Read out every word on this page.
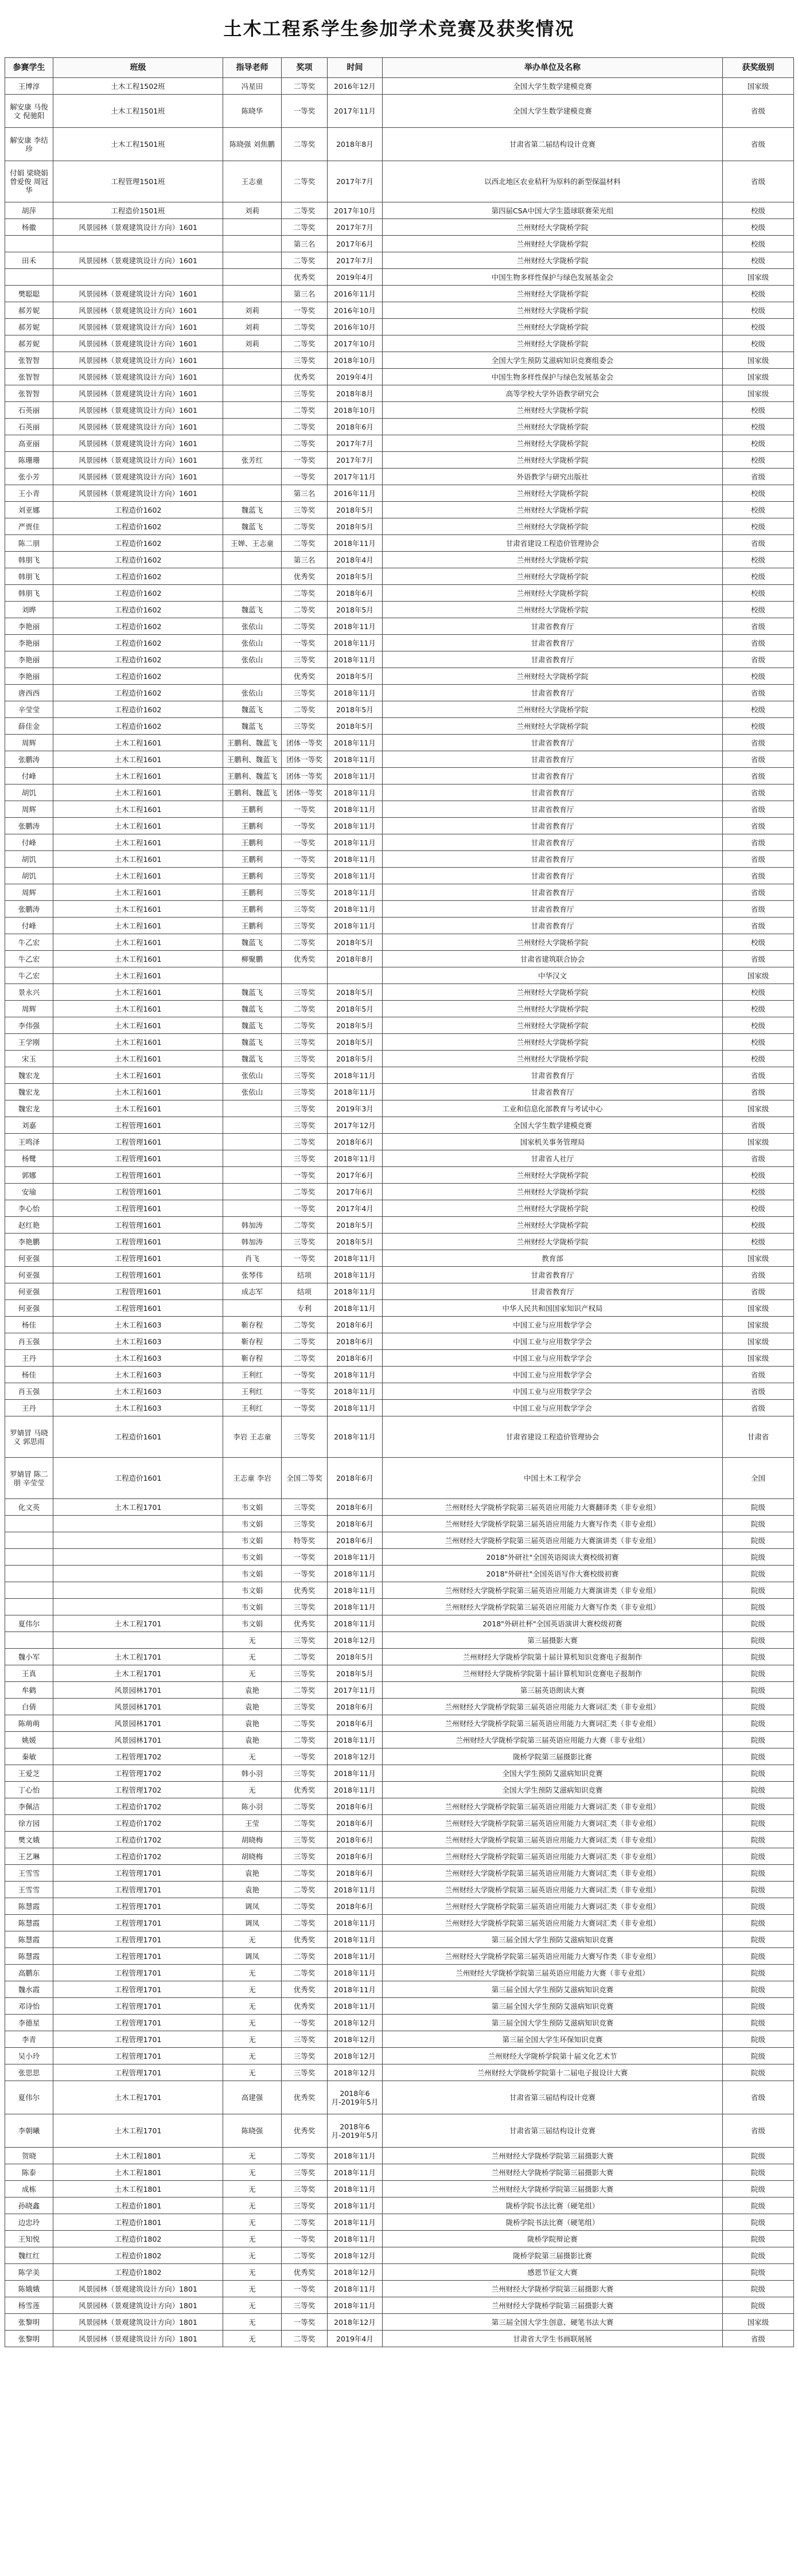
土木工程系学生参加学术竞赛及获奖情况
参赛学生	班级	指导老师	奖项	时间	举办单位及名称	获奖级别
王博淳	土木工程1502班	冯星田	二等奖	2016年12月	全国大学生数学建模竞赛	国家级
解安康 马俊文 倪驰阳	土木工程1501班	陈晓华	一等奖	2017年11月	全国大学生数学建模竞赛	省级
解安康 李结珍	土木工程1501班	陈晓强 刘焦鹏	二等奖	2018年8月	甘肃省第二届结构设计竞赛	省级
付娟 梁晓娟 曾爱俊 周冠华	工程管理1501班	王志童	二等奖	2017年7月	以西北地区农业秸秆为原料的新型保温材料	省级
胡萍	工程造价1501班	刘莉	二等奖	2017年10月	第四届CSA中国大学生篮球联赛荣光组	校级
杨徽	风景园林（景观建筑设计方向）1601		二等奖	2017年7月	兰州财经大学陇桥学院	校级
			第三名	2017年6月	兰州财经大学陇桥学院	校级
田禾	风景园林（景观建筑设计方向）1601		二等奖	2017年7月	兰州财经大学陇桥学院	校级
			优秀奖	2019年4月	中国生物多样性保护与绿色发展基金会	国家级
樊聪聪	风景园林（景观建筑设计方向）1601		第三名	2016年11月	兰州财经大学陇桥学院	校级
郝芳妮	风景园林（景观建筑设计方向）1601	刘莉	一等奖	2016年10月	兰州财经大学陇桥学院	校级
郝芳妮	风景园林（景观建筑设计方向）1601	刘莉	二等奖	2016年10月	兰州财经大学陇桥学院	校级
郝芳妮	风景园林（景观建筑设计方向）1601	刘莉	二等奖	2017年10月	兰州财经大学陇桥学院	校级
张智智	风景园林（景观建筑设计方向）1601		三等奖	2018年10月	全国大学生预防艾滋病知识竞赛组委会	国家级
张智智	风景园林（景观建筑设计方向）1601		优秀奖	2019年4月	中国生物多样性保护与绿色发展基金会	国家级
张智智	风景园林（景观建筑设计方向）1601		三等奖	2018年8月	高等学校大学外语教学研究会	国家级
石英丽	风景园林（景观建筑设计方向）1601		二等奖	2018年10月	兰州财经大学陇桥学院	校级
石英丽	风景园林（景观建筑设计方向）1601		二等奖	2018年6月	兰州财经大学陇桥学院	校级
高亚丽	风景园林（景观建筑设计方向）1601		二等奖	2017年7月	兰州财经大学陇桥学院	校级
陈珊珊	风景园林（景观建筑设计方向）1601	张芳红	一等奖	2017年7月	兰州财经大学陇桥学院	校级
张小芳	风景园林（景观建筑设计方向）1601		一等奖	2017年11月	外语教学与研究出版社	省级
王小青	风景园林（景观建筑设计方向）1601		第三名	2016年11月	兰州财经大学陇桥学院	校级
刘亚娜	工程造价1602	魏蓝飞	三等奖	2018年5月	兰州财经大学陇桥学院	校级
严贾佳	工程造价1602	魏蓝飞	二等奖	2018年5月	兰州财经大学陇桥学院	校级
陈二朋	工程造价1602	王婵、王志童	二等奖	2018年11月	甘肃省建设工程造价管理协会	省级
韩朋飞	工程造价1602		第三名	2018年4月	兰州财经大学陇桥学院	校级
韩朋飞	工程造价1602		优秀奖	2018年5月	兰州财经大学陇桥学院	校级
韩朋飞	工程造价1602		二等奖	2018年6月	兰州财经大学陇桥学院	校级
刘晔	工程造价1602	魏蓝飞	二等奖	2018年5月	兰州财经大学陇桥学院	校级
李艳丽	工程造价1602	张依山	二等奖	2018年11月	甘肃省教育厅	省级
李艳丽	工程造价1602	张依山	一等奖	2018年11月	甘肃省教育厅	省级
李艳丽	工程造价1602	张依山	三等奖	2018年11月	甘肃省教育厅	省级
李艳丽	工程造价1602		优秀奖	2018年5月	兰州财经大学陇桥学院	校级
唐西西	工程造价1602	张依山	三等奖	2018年11月	甘肃省教育厅	省级
辛莹莹	工程造价1602	魏蓝飞	二等奖	2018年5月	兰州财经大学陇桥学院	校级
薛佳金	工程造价1602	魏蓝飞	三等奖	2018年5月	兰州财经大学陇桥学院	校级
周辉	土木工程1601	王鹏利、魏蓝飞	团体一等奖	2018年11月	甘肃省教育厅	省级
张鹏涛	土木工程1601	王鹏利、魏蓝飞	团体一等奖	2018年11月	甘肃省教育厅	省级
付峰	土木工程1601	王鹏利、魏蓝飞	团体一等奖	2018年11月	甘肃省教育厅	省级
胡饥	土木工程1601	王鹏利、魏蓝飞	团体一等奖	2018年11月	甘肃省教育厅	省级
周辉	土木工程1601	王鹏利	一等奖	2018年11月	甘肃省教育厅	省级
张鹏涛	土木工程1601	王鹏利	一等奖	2018年11月	甘肃省教育厅	省级
付峰	土木工程1601	王鹏利	一等奖	2018年11月	甘肃省教育厅	省级
胡饥	土木工程1601	王鹏利	一等奖	2018年11月	甘肃省教育厅	省级
胡饥	土木工程1601	王鹏利	三等奖	2018年11月	甘肃省教育厅	省级
周辉	土木工程1601	王鹏利	三等奖	2018年11月	甘肃省教育厅	省级
张鹏涛	土木工程1601	王鹏利	三等奖	2018年11月	甘肃省教育厅	省级
付峰	土木工程1601	王鹏利	三等奖	2018年11月	甘肃省教育厅	省级
牛乙宏	土木工程1601	魏蓝飞	二等奖	2018年5月	兰州财经大学陇桥学院	校级
牛乙宏	土木工程1601	柳聚鹏	优秀奖	2018年8月	甘肃省建筑联合协会	省级
牛乙宏	土木工程1601				中华汉文	国家级
景永兴	土木工程1601	魏蓝飞	三等奖	2018年5月	兰州财经大学陇桥学院	校级
周辉	土木工程1601	魏蓝飞	二等奖	2018年5月	兰州财经大学陇桥学院	校级
李伟强	土木工程1601	魏蓝飞	二等奖	2018年5月	兰州财经大学陇桥学院	校级
王学刚	土木工程1601	魏蓝飞	三等奖	2018年5月	兰州财经大学陇桥学院	校级
宋玉	土木工程1601	魏蓝飞	三等奖	2018年5月	兰州财经大学陇桥学院	校级
魏宏龙	土木工程1601	张依山	三等奖	2018年11月	甘肃省教育厅	省级
魏宏龙	土木工程1601	张依山	三等奖	2018年11月	甘肃省教育厅	省级
魏宏龙	土木工程1601		三等奖	2019年3月	工业和信息化部教育与考试中心	国家级
刘嘉	工程管理1601		三等奖	2017年12月	全国大学生数学建模竞赛	省级
王鸣泽	工程管理1601		二等奖	2018年6月	国家机关事务管理局	国家级
杨鹭	工程管理1601		三等奖	2018年11月	甘肃省人社厅	省级
郭娜	工程管理1601		一等奖	2017年6月	兰州财经大学陇桥学院	校级
安瑜	工程管理1601		二等奖	2017年6月	兰州财经大学陇桥学院	校级
李心怡	工程管理1601		一等奖	2017年4月	兰州财经大学陇桥学院	校级
赵红艳	工程管理1601	韩加涛	二等奖	2018年5月	兰州财经大学陇桥学院	校级
李艳鹏	工程管理1601	韩加涛	三等奖	2018年5月	兰州财经大学陇桥学院	校级
何亚强	工程管理1601	肖飞	一等奖	2018年11月	教育部	国家级
何亚强	工程管理1601	张琴伟	结项	2018年11月	甘肃省教育厅	省级
何亚强	工程管理1601	成志军	结项	2018年11月	甘肃省教育厅	省级
何亚强	工程管理1601		专利	2018年11月	中华人民共和国国家知识产权局	国家级
杨佳	土木工程1603	靳存程	二等奖	2018年6月	中国工业与应用数学学会	国家级
肖玉强	土木工程1603	靳存程	二等奖	2018年6月	中国工业与应用数学学会	国家级
王丹	土木工程1603	靳存程	二等奖	2018年6月	中国工业与应用数学学会	国家级
杨佳	土木工程1603	王利红	一等奖	2018年11月	中国工业与应用数学学会	省级
肖玉强	土木工程1603	王利红	一等奖	2018年11月	中国工业与应用数学学会	省级
王丹	土木工程1603	王利红	一等奖	2018年11月	中国工业与应用数学学会	省级
罗婧冒 马晓义 郭思雨	工程造价1601	李岩 王志童	三等奖	2018年11月	甘肃省建设工程造价管理协会	甘肃省
罗婧冒 陈二朋 辛莹莹	工程造价1601	王志童 李岩	全国二等奖	2018年6月	中国土木工程学会	全国
化文英	土木工程1701	韦文娟	三等奖	2018年6月	兰州财经大学陇桥学院第三届英语应用能力大赛翻译类（非专业组）	院级
		韦文娟	三等奖	2018年6月	兰州财经大学陇桥学院第三届英语应用能力大赛写作类（非专业组）	院级
		韦文娟	特等奖	2018年6月	兰州财经大学陇桥学院第三届英语应用能力大赛演讲类（非专业组）	院级
		韦文娟	一等奖	2018年11月	2018"外研社"全国英语阅读大赛校级初赛	院级
		韦文娟	一等奖	2018年11月	2018"外研社"全国英语写作大赛校级初赛	院级
		韦文娟	优秀奖	2018年11月	兰州财经大学陇桥学院第三届英语应用能力大赛演讲类（非专业组）	院级
		韦文娟	三等奖	2018年11月	兰州财经大学陇桥学院第三届英语应用能力大赛写作类（非专业组）	院级
夏伟尔	土木工程1701	韦文娟	优秀奖	2018年11月	2018"外研社杯"全国英语演讲大赛校级初赛	院级
		无	三等奖	2018年12月	第三届摄影大赛	院级
魏小军	土木工程1701	无	二等奖	2018年5月	兰州财经大学陇桥学院第十届计算机知识竞赛电子报制作	院级
王真	土木工程1701	无	三等奖	2018年5月	兰州财经大学陇桥学院第十届计算机知识竞赛电子报制作	院级
牟鹤	风景园林1701	袁艳	二等奖	2017年11月	第三届英语朗读大赛	院级
白倩	风景园林1701	袁艳	三等奖	2018年6月	兰州财经大学陇桥学院第三届英语应用能力大赛词汇类（非专业组）	院级
陈萌萌	风景园林1701	袁艳	二等奖	2018年6月	兰州财经大学陇桥学院第三届英语应用能力大赛词汇类（非专业组）	院级
姚媛	风景园林1701	袁艳	二等奖	2018年11月	兰州财经大学陇桥学院第三届英语应用能力大赛（非专业组）	院级
秦敏	工程管理1702	无	一等奖	2018年12月	陇桥学院第三届摄影比赛	院级
王爱芝	工程管理1702	韩小羽	三等奖	2018年11月	全国大学生预防艾滋病知识竞赛	院级
丁心怡	工程管理1702	无	优秀奖	2018年11月	全国大学生预防艾滋病知识竞赛	院级
李佩洁	工程造价1702	陈小羽	二等奖	2018年6月	兰州财经大学陇桥学院第三届英语应用能力大赛词汇类（非专业组）	院级
徐方园	工程造价1702	王莹	二等奖	2018年6月	兰州财经大学陇桥学院第三届英语应用能力大赛词汇类（非专业组）	院级
樊文娥	工程造价1702	胡晓梅	三等奖	2018年6月	兰州财经大学陇桥学院第三届英语应用能力大赛词汇类（非专业组）	院级
王艺琳	工程造价1702	胡晓梅	三等奖	2018年6月	兰州财经大学陇桥学院第三届英语应用能力大赛词汇类（非专业组）	院级
王雪雪	工程管理1701	袁艳	二等奖	2018年6月	兰州财经大学陇桥学院第三届英语应用能力大赛词汇类（非专业组）	院级
王雪雪	工程管理1701	袁艳	二等奖	2018年11月	兰州财经大学陇桥学院第三届英语应用能力大赛词汇类（非专业组）	院级
陈慧霞	工程管理1701	调凤	二等奖	2018年6月	兰州财经大学陇桥学院第三届英语应用能力大赛词汇类（非专业组）	院级
陈慧霞	工程管理1701	调凤	二等奖	2018年11月	兰州财经大学陇桥学院第三届英语应用能力大赛词汇类（非专业组）	院级
陈慧霞	工程管理1701	无	优秀奖	2018年11月	第三届全国大学生预防艾滋病知识竞赛	院级
陈慧霞	工程管理1701	调凤	二等奖	2018年11月	兰州财经大学陇桥学院第三届英语应用能力大赛写作类（非专业组）	院级
高鹏东	工程管理1701	无	二等奖	2018年11月	兰州财经大学陇桥学院第三届英语应用能力大赛（非专业组）	院级
魏水霞	工程管理1701	无	优秀奖	2018年11月	第三届全国大学生预防艾滋病知识竞赛	院级
邓诗怡	工程管理1701	无	优秀奖	2018年11月	第三届全国大学生预防艾滋病知识竞赛	院级
李德星	工程管理1701	无	一等奖	2018年12月	第三届全国大学生预防艾滋病知识竞赛	院级
李青	工程管理1701	无	三等奖	2018年12月	第三届全国大学生环保知识竞赛	院级
吴小玲	工程管理1701	无	三等奖	2018年12月	兰州财经大学陇桥学院第十届文化艺术节	院级
张思思	工程管理1701	无	三等奖	2018年12月	兰州财经大学陇桥学院第十二届电子报设计大赛	院级
夏伟尔	土木工程1701	高建强	优秀奖	2018年6月-2019年5月	甘肃省第三届结构设计竞赛	省级
李朝曦	土木工程1701	陈晓强	优秀奖	2018年6月-2019年5月	甘肃省第三届结构设计竞赛	省级
贺晓	土木工程1801	无	二等奖	2018年11月	兰州财经大学陇桥学院第三届摄影大赛	院级
陈泰	土木工程1801	无	三等奖	2018年11月	兰州财经大学陇桥学院第三届摄影大赛	院级
成栋	土木工程1801	无	三等奖	2018年11月	兰州财经大学陇桥学院第三届摄影大赛	院级
孙晓鑫	工程造价1801	无	三等奖	2018年11月	陇桥学院书法比赛（硬笔组）	院级
边忠玲	工程造价1801	无	二等奖	2018年11月	陇桥学院书法比赛（硬笔组）	院级
王知悦	工程造价1802	无	一等奖	2018年11月	陇桥学院辩论赛	院级
魏红红	工程造价1802	无	二等奖	2018年12月	陇桥学院第三届摄影比赛	院级
陈学美	工程造价1802	无	优秀奖	2018年12月	感恩节征文大赛	院级
陈娥娥	风景园林（景观建筑设计方向）1801	无	一等奖	2018年11月	兰州财经大学陇桥学院第三届摄影大赛	院级
杨雪莲	风景园林（景观建筑设计方向）1801	无	三等奖	2018年11月	兰州财经大学陇桥学院第三届摄影大赛	院级
张黎明	风景园林（景观建筑设计方向）1801	无	一等奖	2018年12月	第三届全国大学生创意、硬笔书法大赛	国家级
张黎明	风景园林（景观建筑设计方向）1801	无	二等奖	2019年4月	甘肃省大学生书画联展展	省级
